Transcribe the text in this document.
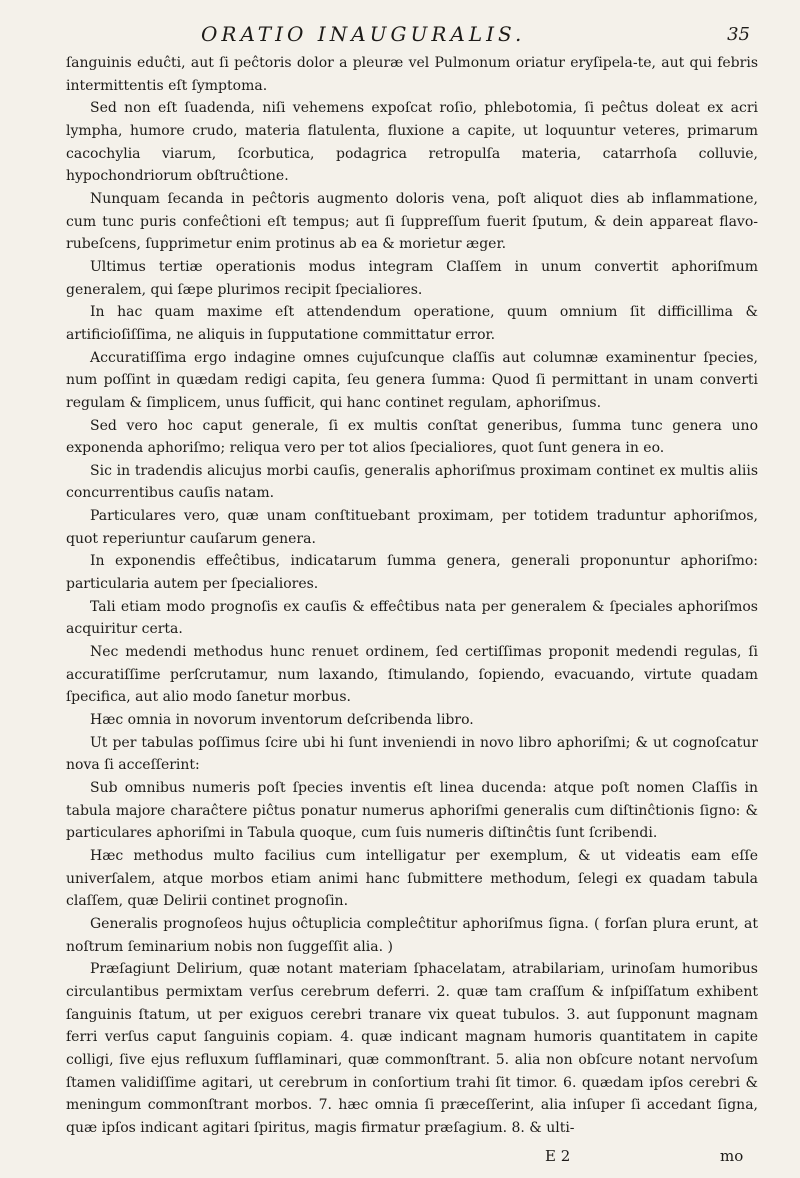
ORATIO INAUGURALIS.	35

ſanguinis eduĉti, aut ſi peĉtoris dolor a pleuræ vel Pulmonum oriatur eryſipela-te, aut qui febris intermittentis eſt ſymptoma.

Sed non eſt ſuadenda, niſi vehemens expoſcat roſio, phlebotomia, ſi peĉtus doleat ex acri lympha, humore crudo, materia flatulenta, fluxione a capite, ut loquuntur veteres, primarum cacochylia viarum, ſcorbutica, podagrica retropulſa materia, catarrhoſa colluvie, hypochondriorum obſtruĉtione.

Nunquam ſecanda in peĉtoris augmento doloris vena, poſt aliquot dies ab inflammatione, cum tunc puris confeĉtioni eſt tempus; aut ſi ſuppreſſum fuerit ſputum, & dein appareat flavo-rubeſcens, ſupprimetur enim protinus ab ea & morietur æger.

Ultimus tertiæ operationis modus integram Claſſem in unum convertit aphoriſmum generalem, qui ſæpe plurimos recipit ſpecialiores.

In hac quam maxime eſt attendendum operatione, quum omnium ſit difficillima & artificioſiſſima, ne aliquis in ſupputatione committatur error.

Accuratiſſima ergo indagine omnes cujuſcunque claſſis aut columnæ examinentur ſpecies, num poſſint in quædam redigi capita, ſeu genera ſumma: Quod ſi permittant in unam converti regulam & ſimplicem, unus ſufficit, qui hanc continet regulam, aphoriſmus.

Sed vero hoc caput generale, ſi ex multis conſtat generibus, ſumma tunc genera uno exponenda aphoriſmo; reliqua vero per tot alios ſpecialiores, quot ſunt genera in eo.

Sic in tradendis alicujus morbi cauſis, generalis aphoriſmus proximam continet ex multis aliis concurrentibus cauſis natam.

Particulares vero, quæ unam conſtituebant proximam, per totidem traduntur aphoriſmos, quot reperiuntur cauſarum genera.

In exponendis effeĉtibus, indicatarum ſumma genera, generali proponuntur aphoriſmo: particularia autem per ſpecialiores.

Tali etiam modo prognoſis ex cauſis & effeĉtibus nata per generalem & ſpeciales aphoriſmos acquiritur certa.

Nec medendi methodus hunc renuet ordinem, ſed certiſſimas proponit medendi regulas, ſi accuratiſſime perſcrutamur, num laxando, ſtimulando, ſopiendo, evacuando, virtute quadam ſpecifica, aut alio modo ſanetur morbus.

Hæc omnia in novorum inventorum deſcribenda libro.

Ut per tabulas poſſimus ſcire ubi hi ſunt inveniendi in novo libro aphoriſmi; & ut cognoſcatur nova ſi acceſſerint:

Sub omnibus numeris poſt ſpecies inventis eſt linea ducenda: atque poſt nomen Claſſis in tabula majore charaĉtere piĉtus ponatur numerus aphoriſmi generalis cum diſtinĉtionis ſigno: & particulares aphoriſmi in Tabula quoque, cum ſuis numeris diſtinĉtis ſunt ſcribendi.

Hæc methodus multo facilius cum intelligatur per exemplum, & ut videatis eam eſſe univerſalem, atque morbos etiam animi hanc ſubmittere methodum, ſelegi ex quadam tabula claſſem, quæ Delirii continet prognoſin.

Generalis prognoſeos hujus oĉtuplicia compleĉtitur aphoriſmus ſigna. ( forſan plura erunt, at noſtrum ſeminarium nobis non ſuggeſſit alia. )

Præſagiunt Delirium, quæ notant materiam ſphacelatam, atrabilariam, urinoſam humoribus circulantibus permixtam verſus cerebrum deferri. 2. quæ tam craſſum & inſpiſſatum exhibent ſanguinis ſtatum, ut per exiguos cerebri tranare vix queat tubulos. 3. aut ſupponunt magnam ferri verſus caput ſanguinis copiam. 4. quæ indicant magnam humoris quantitatem in capite colligi, ſive ejus refluxum ſufflaminari, quæ commonſtrant. 5. alia non obſcure notant nervoſum ſtamen validiſſime agitari, ut cerebrum in conſortium trahi ſit timor. 6. quædam ipſos cerebri & meningum commonſtrant morbos. 7. hæc omnia ſi præceſſerint, alia inſuper ſi accedant ſigna, quæ ipſos indicant agitari ſpiritus, magis firmatur præſagium. 8. & ulti-

E 2	mo
